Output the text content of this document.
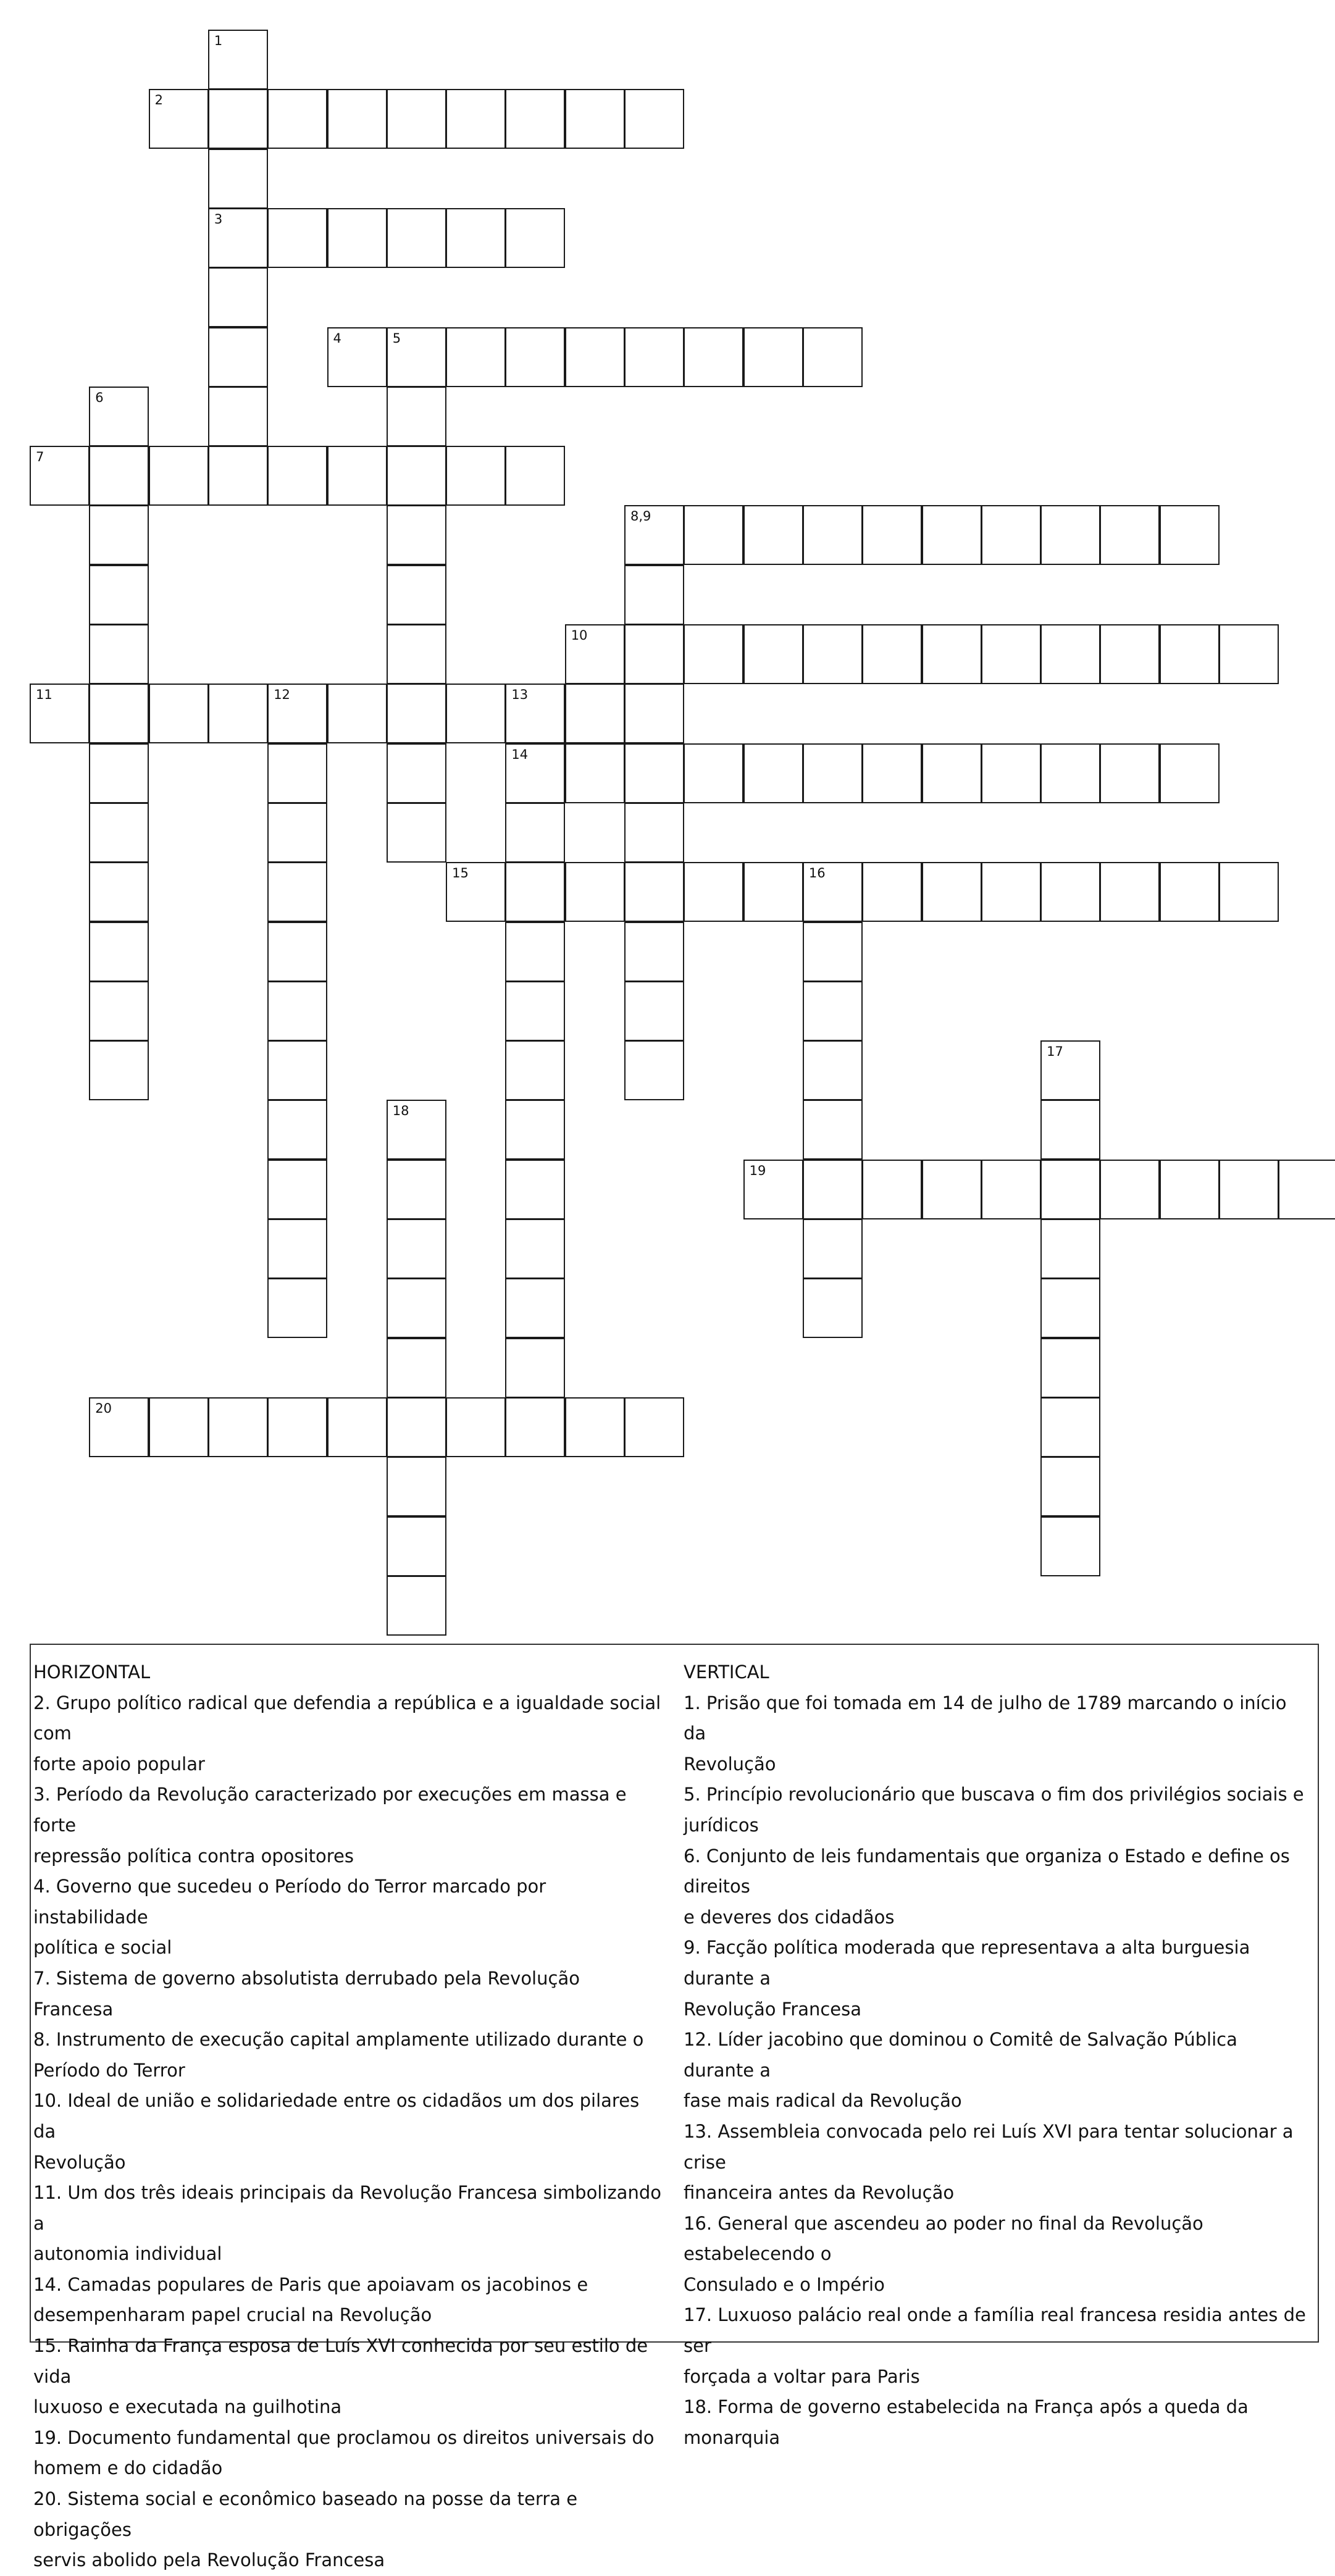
1
3
2
4	5
6
7
8,9
10
11	12	13
14
15	16
17
18
19
20
HORIZONTAL
2. Grupo político radical que defendia a república e a igualdade social com
forte apoio popular
3. Período da Revolução caracterizado por execuções em massa e forte
repressão política contra opositores
4. Governo que sucedeu o Período do Terror marcado por instabilidade
política e social
7. Sistema de governo absolutista derrubado pela Revolução Francesa
8. Instrumento de execução capital amplamente utilizado durante o
Período do Terror
10. Ideal de união e solidariedade entre os cidadãos um dos pilares da
Revolução
11. Um dos três ideais principais da Revolução Francesa simbolizando a
autonomia individual
14. Camadas populares de Paris que apoiavam os jacobinos e
desempenharam papel crucial na Revolução
15. Rainha da França esposa de Luís XVI conhecida por seu estilo de vida
luxuoso e executada na guilhotina
19. Documento fundamental que proclamou os direitos universais do
homem e do cidadão
20. Sistema social e econômico baseado na posse da terra e obrigações
servis abolido pela Revolução Francesa
VERTICAL
1. Prisão que foi tomada em 14 de julho de 1789 marcando o início da
Revolução
5. Princípio revolucionário que buscava o fim dos privilégios sociais e
jurídicos
6. Conjunto de leis fundamentais que organiza o Estado e define os direitos
e deveres dos cidadãos
9. Facção política moderada que representava a alta burguesia durante a
Revolução Francesa
12. Líder jacobino que dominou o Comitê de Salvação Pública durante a
fase mais radical da Revolução
13. Assembleia convocada pelo rei Luís XVI para tentar solucionar a crise
financeira antes da Revolução
16. General que ascendeu ao poder no final da Revolução estabelecendo o
Consulado e o Império
17. Luxuoso palácio real onde a família real francesa residia antes de ser
forçada a voltar para Paris
18. Forma de governo estabelecida na França após a queda da monarquia
